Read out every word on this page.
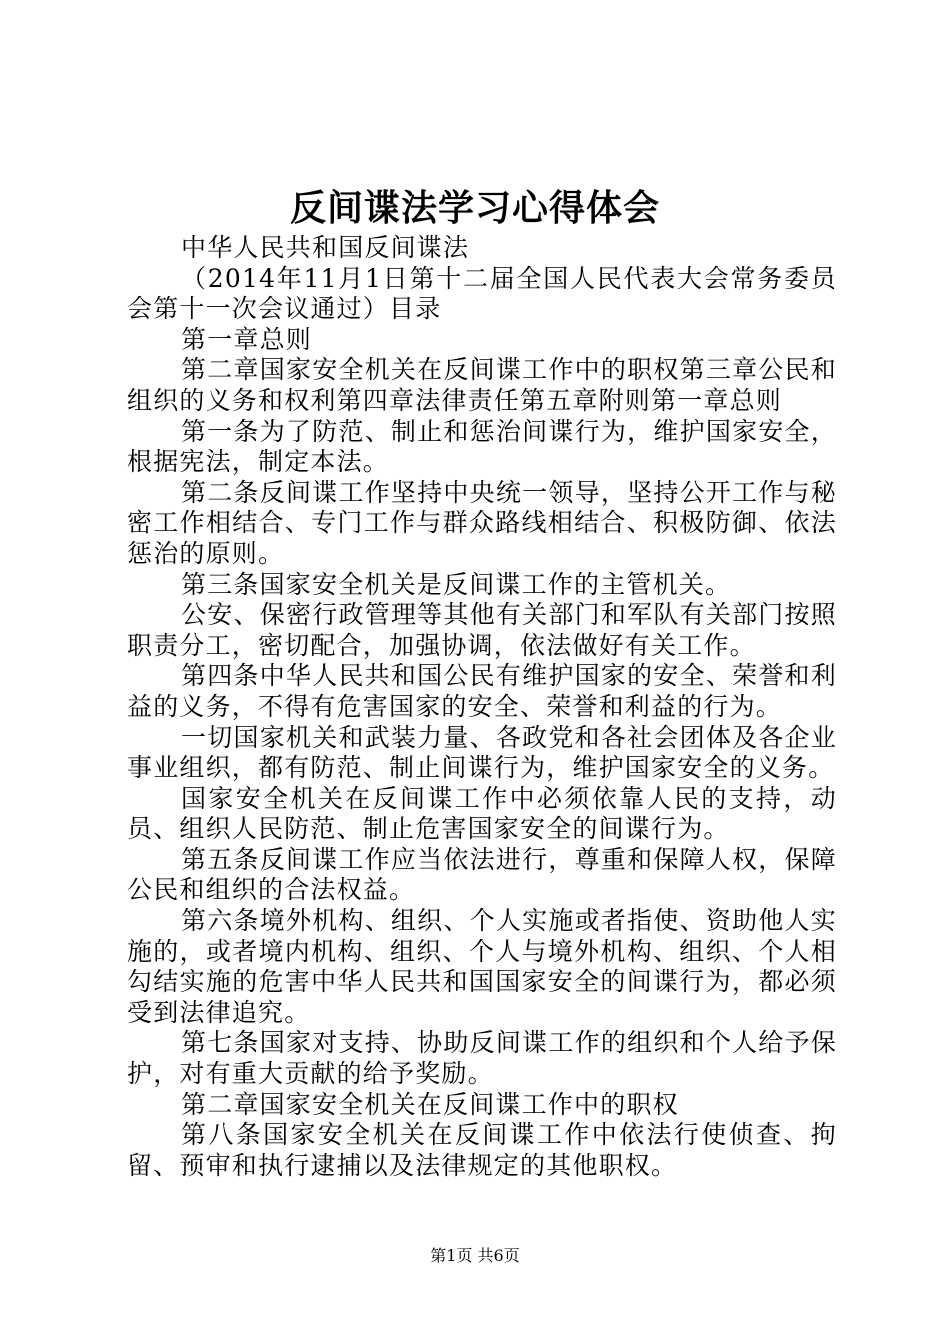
反间谍法学习心得体会

中华人民共和国反间谍法

（2014年11月1日第十二届全国人民代表大会常务委员会第十一次会议通过）目录

第一章总则

第二章国家安全机关在反间谍工作中的职权第三章公民和组织的义务和权利第四章法律责任第五章附则第一章总则

第一条为了防范、制止和惩治间谍行为，维护国家安全，根据宪法，制定本法。

第二条反间谍工作坚持中央统一领导，坚持公开工作与秘密工作相结合、专门工作与群众路线相结合、积极防御、依法惩治的原则。

第三条国家安全机关是反间谍工作的主管机关。

公安、保密行政管理等其他有关部门和军队有关部门按照职责分工，密切配合，加强协调，依法做好有关工作。

第四条中华人民共和国公民有维护国家的安全、荣誉和利益的义务，不得有危害国家的安全、荣誉和利益的行为。

一切国家机关和武装力量、各政党和各社会团体及各企业事业组织，都有防范、制止间谍行为，维护国家安全的义务。

国家安全机关在反间谍工作中必须依靠人民的支持，动员、组织人民防范、制止危害国家安全的间谍行为。

第五条反间谍工作应当依法进行，尊重和保障人权，保障公民和组织的合法权益。

第六条境外机构、组织、个人实施或者指使、资助他人实施的，或者境内机构、组织、个人与境外机构、组织、个人相勾结实施的危害中华人民共和国国家安全的间谍行为，都必须受到法律追究。

第七条国家对支持、协助反间谍工作的组织和个人给予保护，对有重大贡献的给予奖励。

第二章国家安全机关在反间谍工作中的职权

第八条国家安全机关在反间谍工作中依法行使侦查、拘留、预审和执行逮捕以及法律规定的其他职权。

第1页 共6页
